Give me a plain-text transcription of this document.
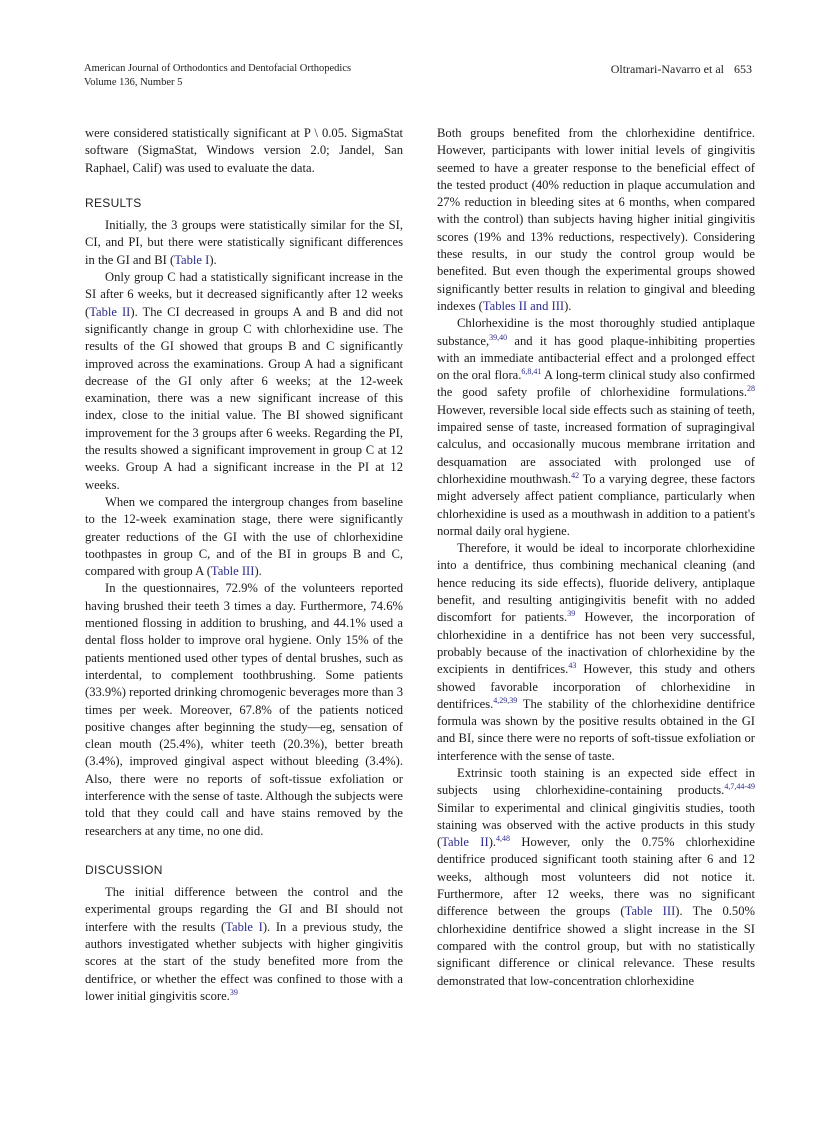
American Journal of Orthodontics and Dentofacial Orthopedics
Volume 136, Number 5
Oltramari-Navarro et al 653

were considered statistically significant at P \ 0.05. SigmaStat software (SigmaStat, Windows version 2.0; Jandel, San Raphael, Calif) was used to evaluate the data.

RESULTS

Initially, the 3 groups were statistically similar for the SI, CI, and PI, but there were statistically significant differences in the GI and BI (Table I).

Only group C had a statistically significant increase in the SI after 6 weeks, but it decreased significantly after 12 weeks (Table II). The CI decreased in groups A and B and did not significantly change in group C with chlorhexidine use. The results of the GI showed that groups B and C significantly improved across the examinations. Group A had a significant decrease of the GI only after 6 weeks; at the 12-week examination, there was a new significant increase of this index, close to the initial value. The BI showed significant improvement for the 3 groups after 6 weeks. Regarding the PI, the results showed a significant improvement in group C at 12 weeks. Group A had a significant increase in the PI at 12 weeks.

When we compared the intergroup changes from baseline to the 12-week examination stage, there were significantly greater reductions of the GI with the use of chlorhexidine toothpastes in group C, and of the BI in groups B and C, compared with group A (Table III).

In the questionnaires, 72.9% of the volunteers reported having brushed their teeth 3 times a day. Furthermore, 74.6% mentioned flossing in addition to brushing, and 44.1% used a dental floss holder to improve oral hygiene. Only 15% of the patients mentioned used other types of dental brushes, such as interdental, to complement toothbrushing. Some patients (33.9%) reported drinking chromogenic beverages more than 3 times per week. Moreover, 67.8% of the patients noticed positive changes after beginning the study—eg, sensation of clean mouth (25.4%), whiter teeth (20.3%), better breath (3.4%), improved gingival aspect without bleeding (3.4%). Also, there were no reports of soft-tissue exfoliation or interference with the sense of taste. Although the subjects were told that they could call and have stains removed by the researchers at any time, no one did.

DISCUSSION

The initial difference between the control and the experimental groups regarding the GI and BI should not interfere with the results (Table I). In a previous study, the authors investigated whether subjects with higher gingivitis scores at the start of the study benefited more from the dentifrice, or whether the effect was confined to those with a lower initial gingivitis score.$^{39}$

Both groups benefited from the chlorhexidine dentifrice. However, participants with lower initial levels of gingivitis seemed to have a greater response to the beneficial effect of the tested product (40% reduction in plaque accumulation and 27% reduction in bleeding sites at 6 months, when compared with the control) than subjects having higher initial gingivitis scores (19% and 13% reductions, respectively). Considering these results, in our study the control group would be benefited. But even though the experimental groups showed significantly better results in relation to gingival and bleeding indexes (Tables II and III).

Chlorhexidine is the most thoroughly studied antiplaque substance,$^{39,40}$ and it has good plaque-inhibiting properties with an immediate antibacterial effect and a prolonged effect on the oral flora.$^{6,8,41}$ A long-term clinical study also confirmed the good safety profile of chlorhexidine formulations.$^{28}$ However, reversible local side effects such as staining of teeth, impaired sense of taste, increased formation of supragingival calculus, and occasionally mucous membrane irritation and desquamation are associated with prolonged use of chlorhexidine mouthwash.$^{42}$ To a varying degree, these factors might adversely affect patient compliance, particularly when chlorhexidine is used as a mouthwash in addition to a patient's normal daily oral hygiene.

Therefore, it would be ideal to incorporate chlorhexidine into a dentifrice, thus combining mechanical cleaning (and hence reducing its side effects), fluoride delivery, antiplaque benefit, and resulting antigingivitis benefit with no added discomfort for patients.$^{39}$ However, the incorporation of chlorhexidine in a dentifrice has not been very successful, probably because of the inactivation of chlorhexidine by the excipients in dentifrices.$^{43}$ However, this study and others showed favorable incorporation of chlorhexidine in dentifrices.$^{4,29,39}$ The stability of the chlorhexidine dentifrice formula was shown by the positive results obtained in the GI and BI, since there were no reports of soft-tissue exfoliation or interference with the sense of taste.

Extrinsic tooth staining is an expected side effect in subjects using chlorhexidine-containing products.$^{4,7,44-49}$ Similar to experimental and clinical gingivitis studies, tooth staining was observed with the active products in this study (Table II).$^{4,48}$ However, only the 0.75% chlorhexidine dentifrice produced significant tooth staining after 6 and 12 weeks, although most volunteers did not notice it. Furthermore, after 12 weeks, there was no significant difference between the groups (Table III). The 0.50% chlorhexidine dentifrice showed a slight increase in the SI compared with the control group, but with no statistically significant difference or clinical relevance. These results demonstrated that low-concentration chlorhexidine
